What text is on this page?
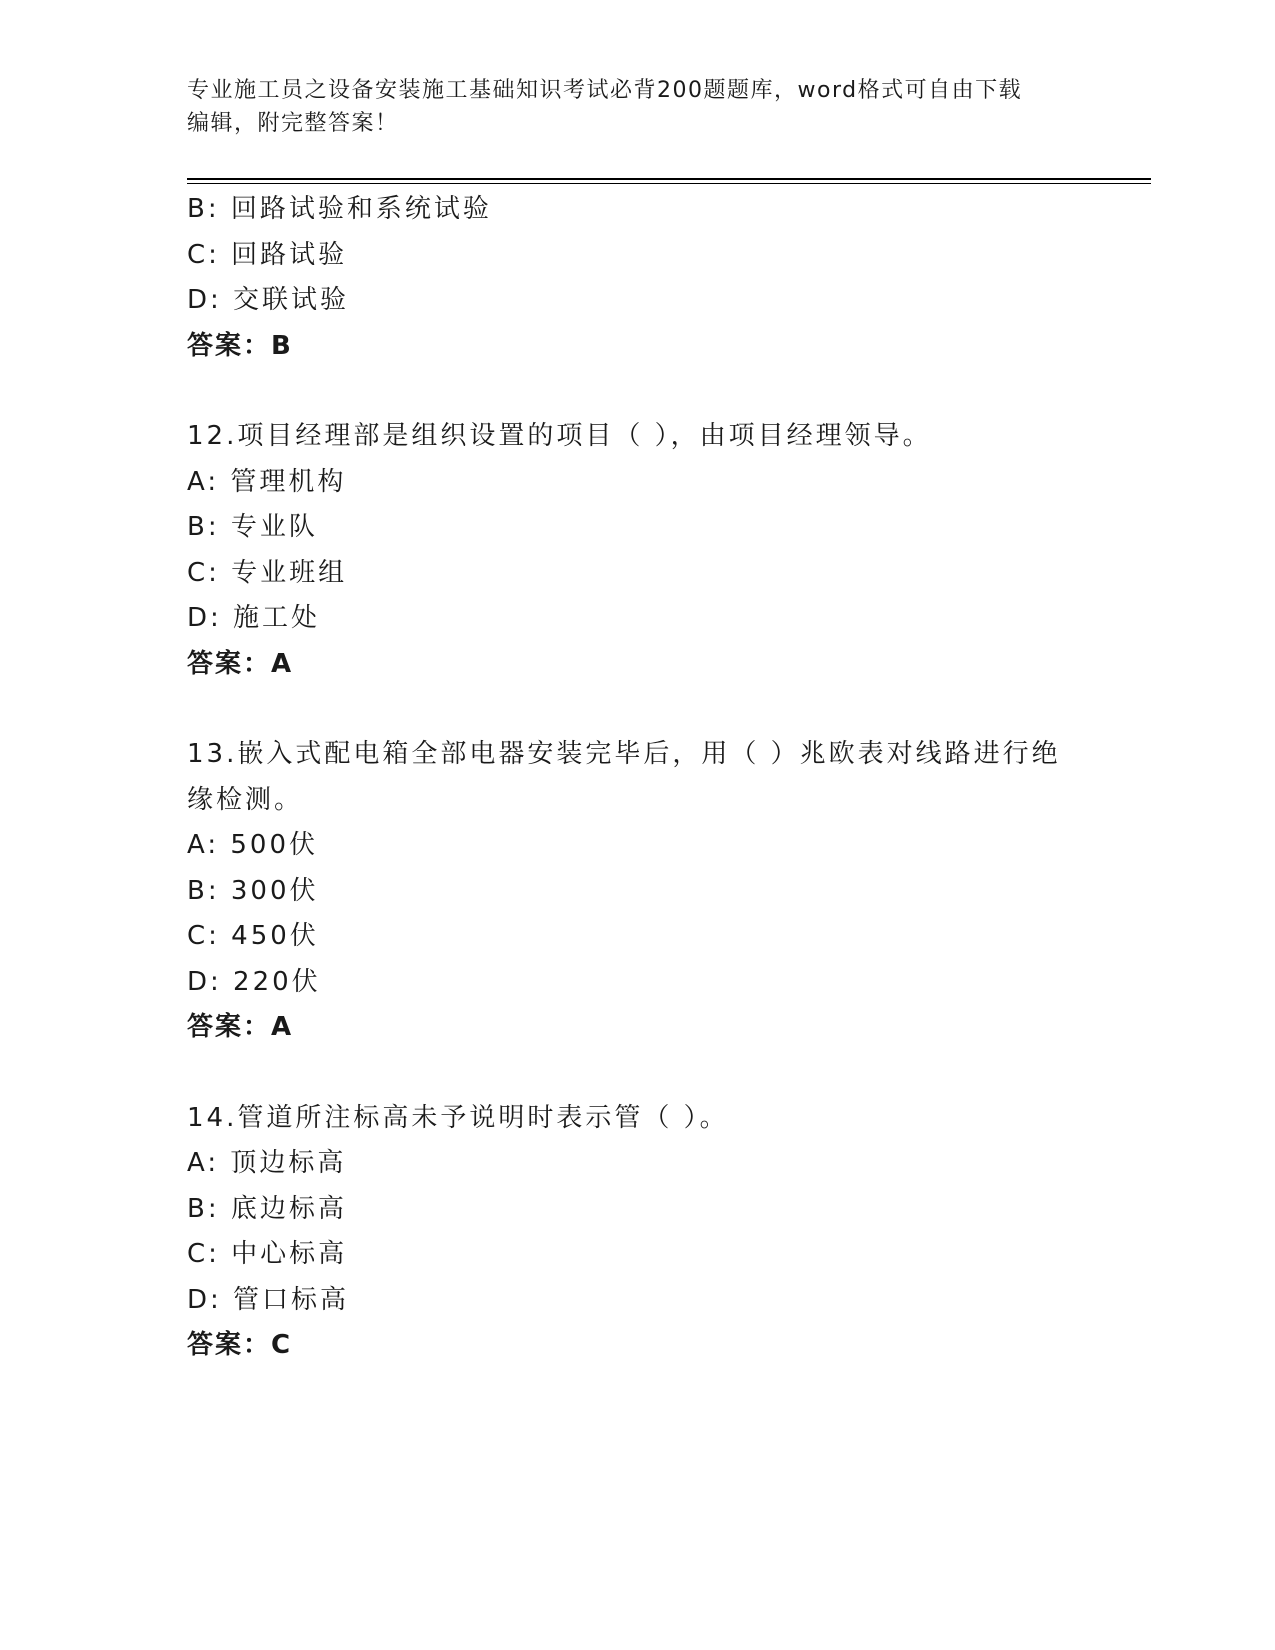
专业施工员之设备安装施工基础知识考试必背200题题库，word格式可自由下载
编辑，附完整答案！
B: 回路试验和系统试验
C: 回路试验
D: 交联试验
答案：B
12.项目经理部是组织设置的项目（ ），由项目经理领导。
A: 管理机构
B: 专业队
C: 专业班组
D: 施工处
答案：A
13.嵌入式配电箱全部电器安装完毕后，用（ ）兆欧表对线路进行绝
缘检测。
A: 500伏
B: 300伏
C: 450伏
D: 220伏
答案：A
14.管道所注标高未予说明时表示管（ ）。
A: 顶边标高
B: 底边标高
C: 中心标高
D: 管口标高
答案：C
